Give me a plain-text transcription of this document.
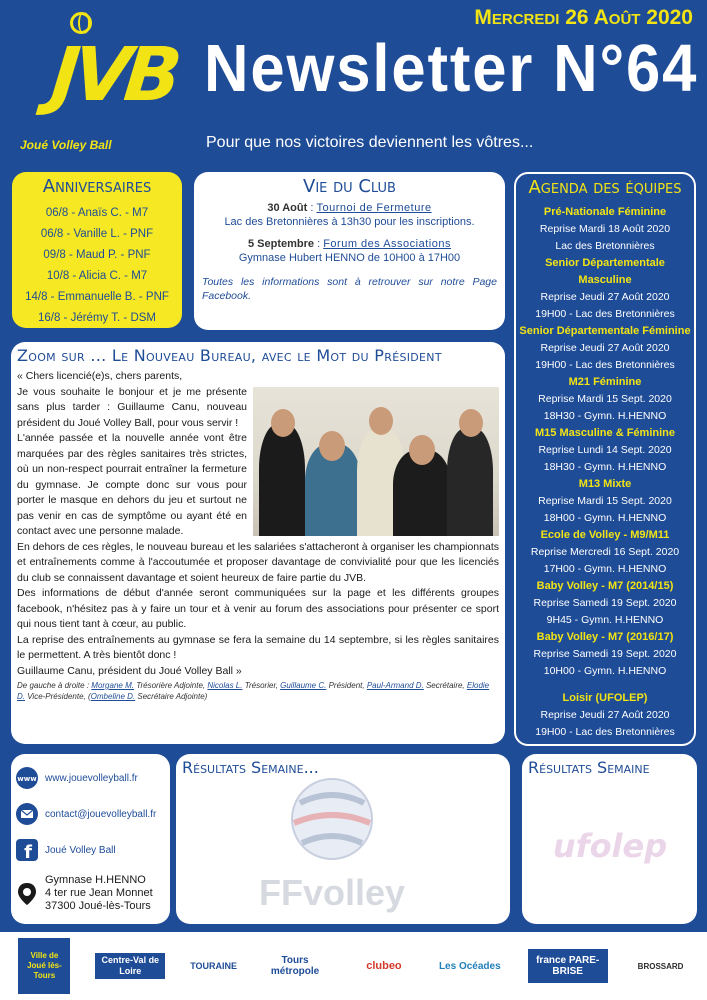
JVB
Joué Volley Ball
Mercredi 26 Août 2020
Newsletter N°64
Pour que nos victoires deviennent les vôtres...
Anniversaires
06/8 - Anaïs C. - M7
06/8 - Vanille L. - PNF
09/8 - Maud P. - PNF
10/8 - Alicia C. - M7
14/8 - Emmanuelle B. - PNF
16/8 - Jérémy T. - DSM
Vie du Club
30 Août : Tournoi de Fermeture
Lac des Bretonnières à 13h30 pour les inscriptions.
5 Septembre : Forum des Associations
Gymnase Hubert HENNO de 10H00 à 17H00
Toutes les informations sont à retrouver sur notre Page Facebook.
Agenda des équipes
Pré-Nationale Féminine
Reprise Mardi 18 Août 2020
Lac des Bretonnières
Senior Départementale Masculine
Reprise Jeudi 27 Août 2020
19H00 - Lac des Bretonnières
Senior Départementale Féminine
Reprise Jeudi 27 Août 2020
19H00 - Lac des Bretonnières
M21 Féminine
Reprise Mardi 15 Sept. 2020
18H30 - Gymn. H.HENNO
M15 Masculine & Féminine
Reprise Lundi 14 Sept. 2020
18H30 - Gymn. H.HENNO
M13 Mixte
Reprise Mardi 15 Sept. 2020
18H00 - Gymn. H.HENNO
Ecole de Volley - M9/M11
Reprise Mercredi 16 Sept. 2020
17H00 - Gymn. H.HENNO
Baby Volley - M7 (2014/15)
Reprise Samedi 19 Sept. 2020
9H45 - Gymn. H.HENNO
Baby Volley - M7 (2016/17)
Reprise Samedi 19 Sept. 2020
10H00 - Gymn. H.HENNO
Loisir (UFOLEP)
Reprise Jeudi 27 Août 2020
19H00 - Lac des Bretonnières
Zoom sur ... Le Nouveau Bureau, avec le Mot du Président
« Chers licencié(e)s, chers parents,
Je vous souhaite le bonjour et je me présente sans plus tarder : Guillaume Canu, nouveau président du Joué Volley Ball, pour vous servir !
L'année passée et la nouvelle année vont être marquées par des règles sanitaires très strictes, où un non-respect pourrait entraîner la fermeture du gymnase. Je compte donc sur vous pour porter le masque en dehors du jeu et surtout ne pas venir en cas de symptôme ou ayant été en contact avec une personne malade.
En dehors de ces règles, le nouveau bureau et les salariées s'attacheront à organiser les championnats et entraînements comme à l'accoutumée et proposer davantage de convivialité pour que les licenciés du club se connaissent davantage et soient heureux de faire partie du JVB.
Des informations de début d'année seront communiquées sur la page et les différents groupes facebook, n'hésitez pas à y faire un tour et à venir au forum des associations pour présenter ce sport qui nous tient tant à cœur, au public.
La reprise des entraînements au gymnase se fera la semaine du 14 septembre, si les règles sanitaires le permettent. A très bientôt donc !
Guillaume Canu, président du Joué Volley Ball »
De gauche à droite : Morgane M. Trésorière Adjointe, Nicolas L. Trésorier, Guillaume C. Président, Paul-Armand D. Secrétaire, Elodie D. Vice-Présidente, (Ombeline D. Secrétaire Adjointe)
www www.jouevolleyball.fr
contact@jouevolleyball.fr
f Joué Volley Ball
Gymnase H.HENNO
4 ter rue Jean Monnet
37300 Joué-lès-Tours
Résultats Semaine...
FFvolley
Résultats Semaine
ufolep
Ville de Joué lès-Tours
Centre-Val de Loire
TOURAINE	Tours métropole	clubeo	Les Océades	france PARE-BRISE	BROSSARD
